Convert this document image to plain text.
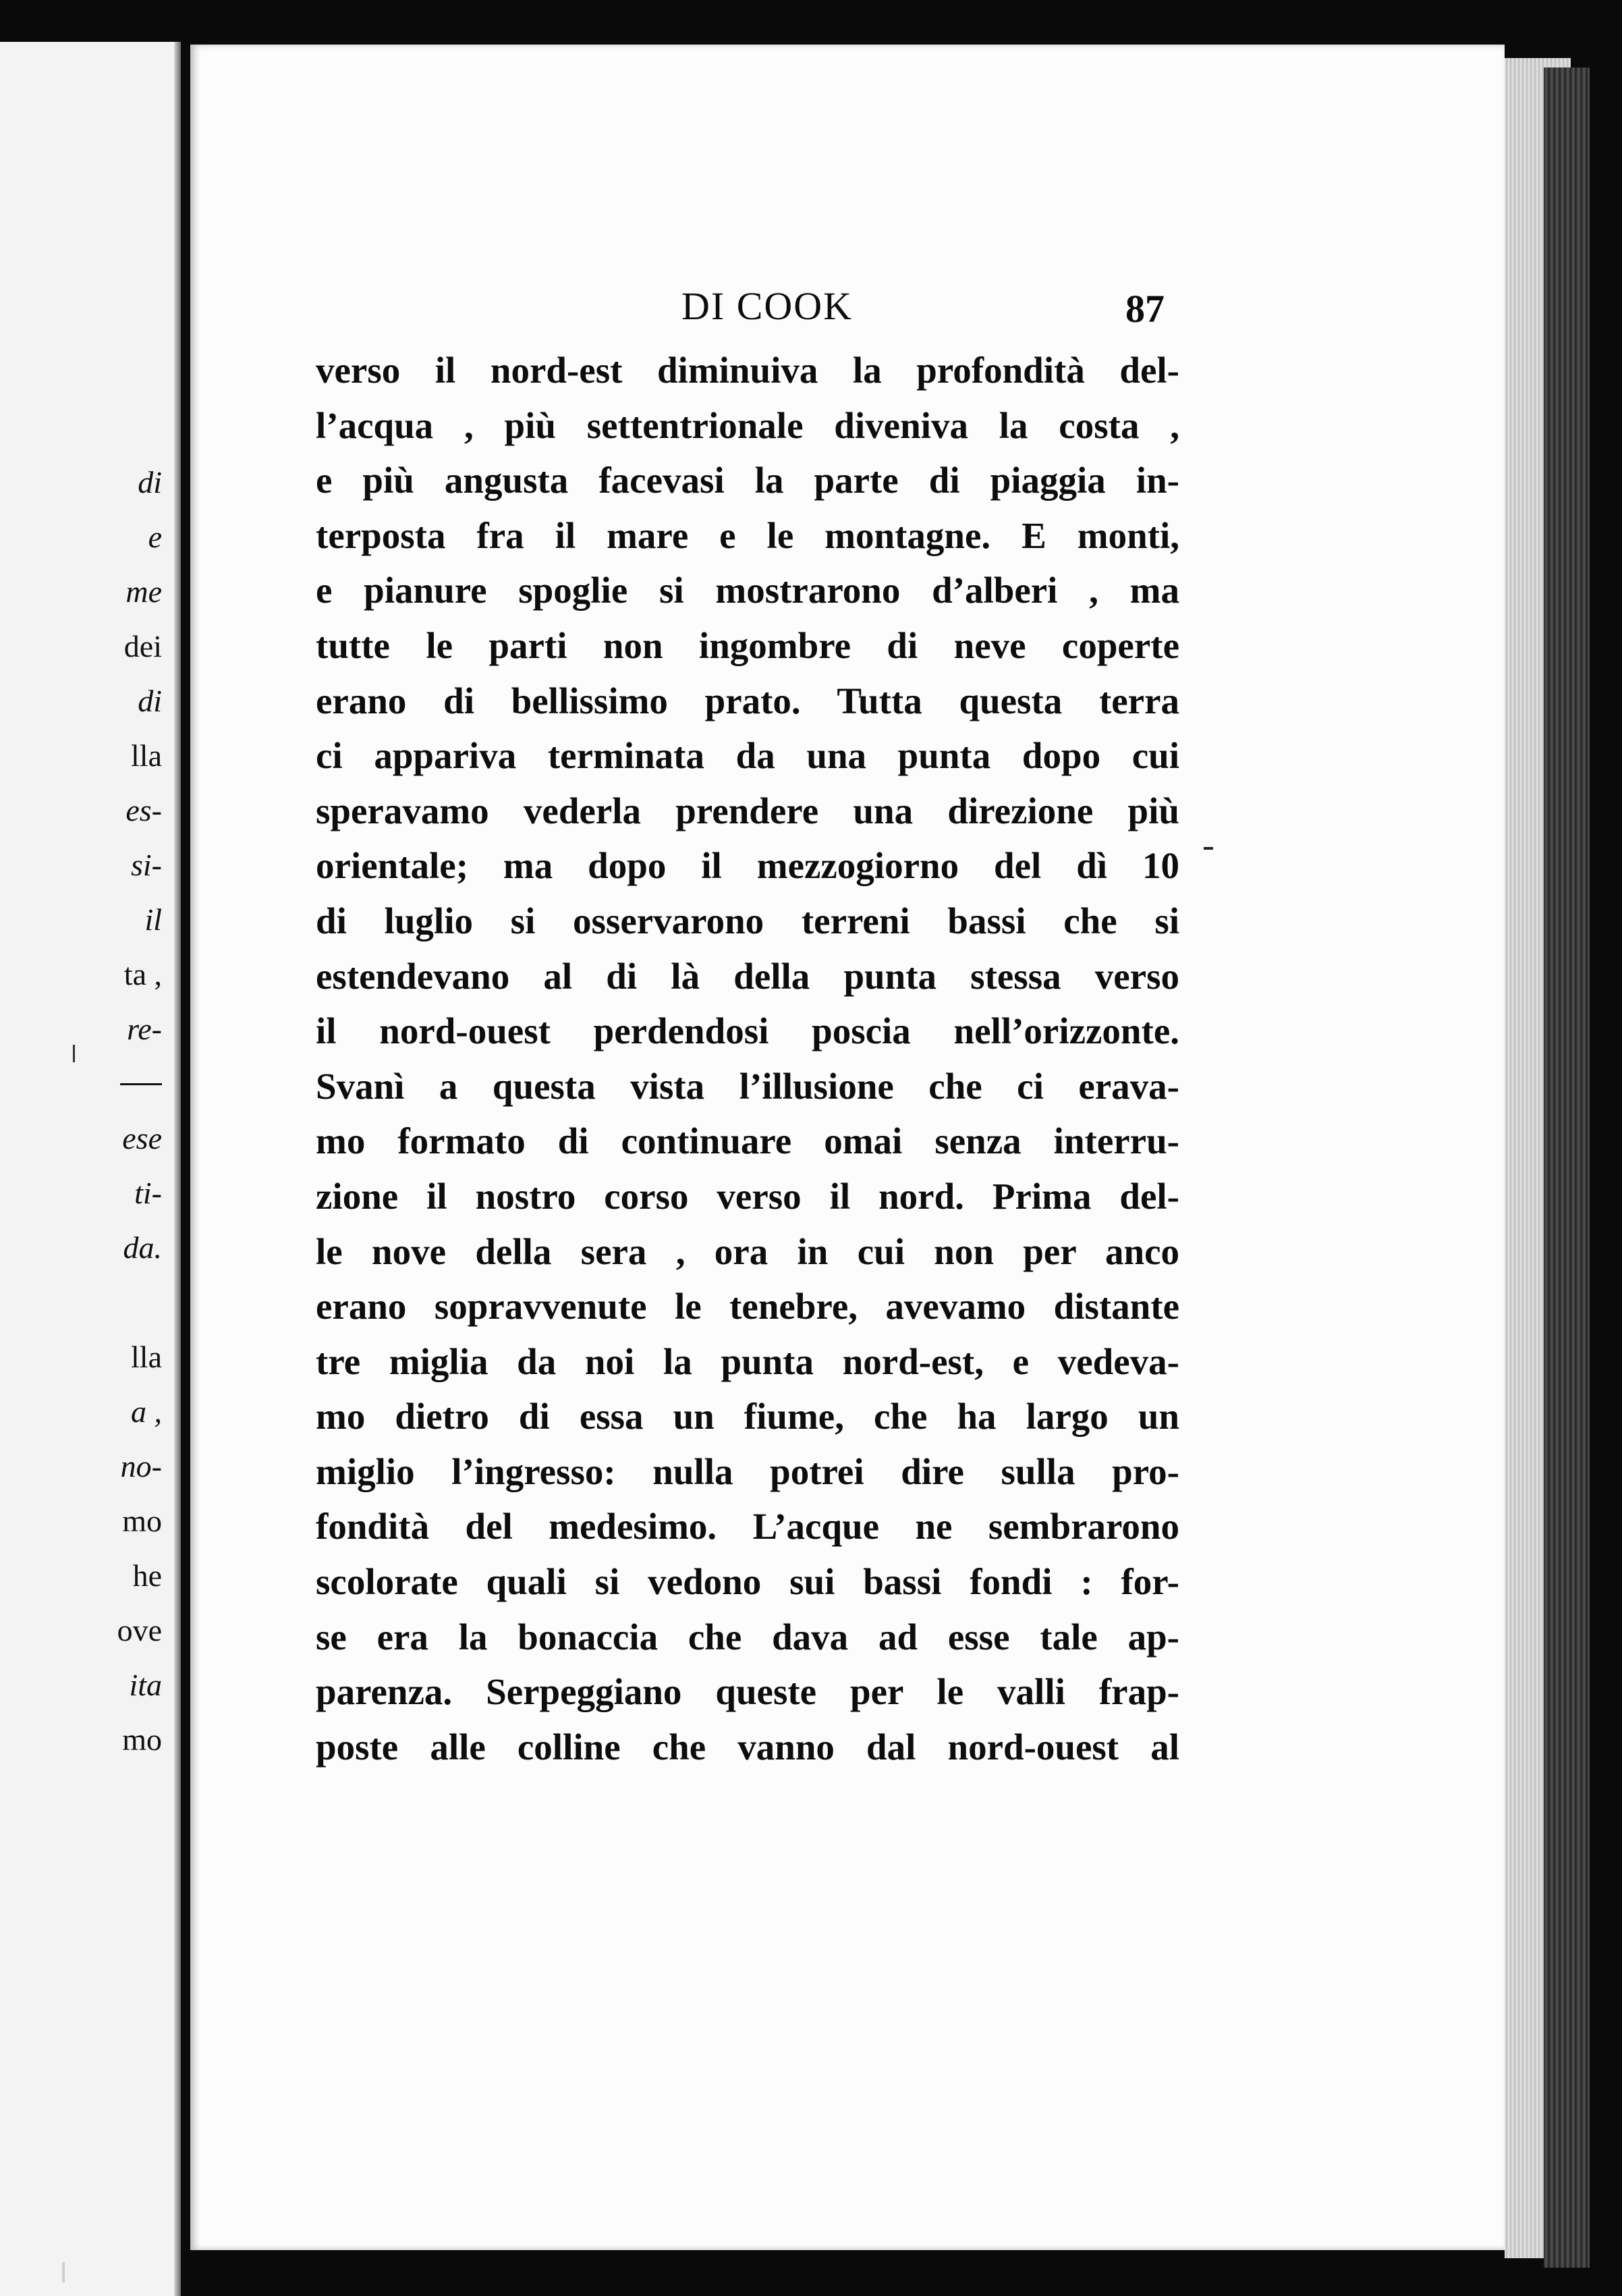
di
e
me
dei
di
lla
es-
si-
il
ta ,
re-
ese
ti-
da.
lla
a ,
no-
mo
he
ove
ita
mo
DI COOK	87
verso il nord-est diminuiva la profondità del-
l’acqua , più settentrionale diveniva la costa ,
e più angusta facevasi la parte di piaggia in-
terposta fra il mare e le montagne. E monti,
e pianure spoglie si mostrarono d’alberi , ma
tutte le parti non ingombre di neve coperte
erano di bellissimo prato. Tutta questa terra
ci appariva terminata da una punta dopo cui
speravamo vederla prendere una direzione più
orientale; ma dopo il mezzogiorno del dì 10
di luglio si osservarono terreni bassi che si
estendevano al di là della punta stessa verso
il nord-ouest perdendosi poscia nell’orizzonte.
Svanì a questa vista l’illusione che ci erava-
mo formato di continuare omai senza interru-
zione il nostro corso verso il nord. Prima del-
le nove della sera , ora in cui non per anco
erano sopravvenute le tenebre, avevamo distante
tre miglia da noi la punta nord-est, e vedeva-
mo dietro di essa un fiume, che ha largo un
miglio l’ingresso: nulla potrei dire sulla pro-
fondità del medesimo. L’acque ne sembrarono
scolorate quali si vedono sui bassi fondi : for-
se era la bonaccia che dava ad esse tale ap-
parenza. Serpeggiano queste per le valli frap-
poste alle colline che vanno dal nord-ouest al
